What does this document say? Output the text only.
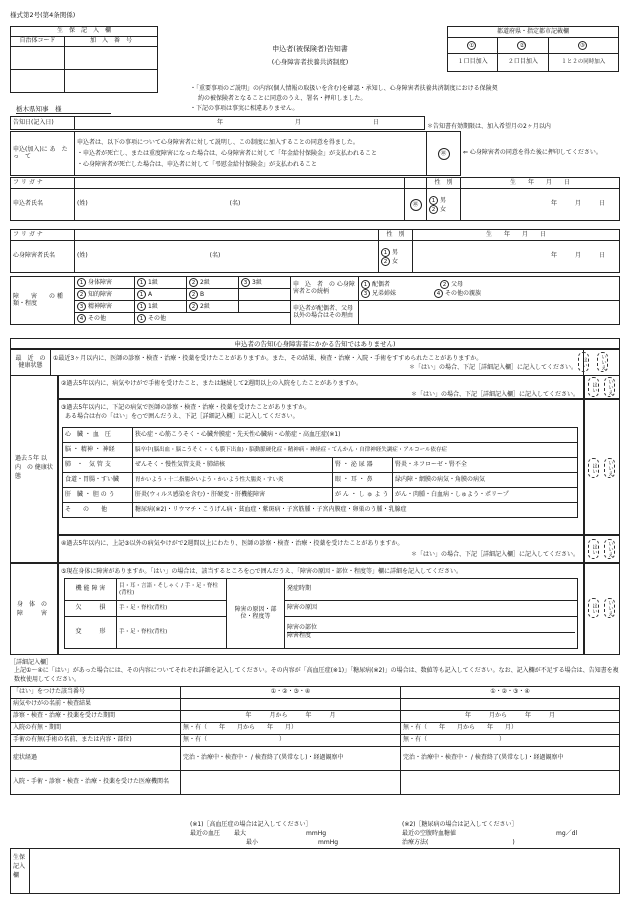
様式第2号(第4条関係)
生　保　記　入　欄	
自治体コード	加　入　番　号

申込者(被保険者)告知書
(心身障害者扶養共済制度)
都道府県・指定都市記載欄		
①	②	③
１口目加入	２口目加入	１と２の同時加入
・「重要事項のご説明」の内容(個人情報の取扱いを含む)を確認・承知し、心身障害者扶養共済制度における保険契
約の被保険者となることに同意のうえ、署名・押印しました。
・下記の事項は事実に相違ありません。
栃木県知事　様
告知日(記入日)	年	月	日
＊告知書有効期限は、加入希望月の2ヶ月以内
申込(加入)に あ　た　っ　て	
申込者は、以下の事項について心身障害者に対して説明し、この制度に加入することの同意を得ました。
・申込者が死亡し、または重度障害になった場合は、心身障害者に対して「年金給付保険金」が支払われること
・心身障害者が死亡した場合は、申込者に対して「弔慰金給付保険金」が支払われること
	㊞	⇐ 心身障害者の同意を得た後に押印してください。
フ リ ガ ナ			性　別	生　　年　　月　　日
申込者氏名	(姓) (名)	㊞	1 男
2 女	年　　　月　　　日
フ リ ガ ナ		性　別	生　　年　　月　　日
心身障害者氏名	(姓) (名)	1 男
2 女	年　　　月　　　日
障　　害　　の 種類・程度	1 身体障害	1 1級	2 2級	3 3級	申　込　者　の 心身障害者との続柄	1 配偶者 2 父母
3 兄弟姉妹 4 その他の親族

	2 知的障害	1 A	2 B			
	3 精神障害	1 1級	2 2級		申込者が配偶者、父母以外の場合はその理由	
	4 その他	1 その他				
申込者の告知(心身障害者にかかる告知ではありません)
最　近　の 健康状態	
①最近3ヶ月以内に、医師の診察・検査・治療・投薬を受けたことがありますか。また、その結果、検査・治療・入院・手術をすすめられたことがありますか。
＊「はい」の場合、下記［詳細記入欄］に記入してください。
	はい	いいえ
過去５年 以　内　の 健康状態
②過去5年以内に、病気やけがで手術を受けたこと、または継続して2週間以上の入院をしたことがありますか。
＊「はい」の場合、下記［詳細記入欄］に記入してください。
はい	いいえ
③過去5年以内に、下記の病気で医師の診察・検査・治療・投薬を受けたことがありますか。
ある場合は右の「はい」を○で囲んだうえ、下記［詳細記入欄］に記入してください。
心　臓 ・ 血　圧	狭心症・心筋こうそく・心臓弁膜症・先天性心臓病・心筋症・高血圧症(※1)		
脳 ・ 精神 ・ 神経	脳卒中(脳出血・脳こうそく・くも膜下出血)・脳動脈硬化症・精神病・神経症・てんかん・自律神経失調症・アルコール依存症		
肺　・　気 管 支	ぜんそく・慢性気管支炎・肺結核	腎 ・ 泌 尿 器	腎炎・ネフローゼ・腎不全
食道・胃腸・すい臓	胃かいよう・十二指腸かいよう・かいよう性大腸炎・すい炎	眼 ・ 耳 ・ 鼻	緑内障・網膜の病気・角膜の病気
肝　臓 ・ 胆 の う	肝炎(ウィルス感染を含む)・肝硬変・肝機能障害	が ん ・ し ゅ よ う	がん・肉腫・白血病・しゅよう・ポリープ
そ　　の　　他	糖尿病(※2)・リウマチ・こうげん病・貧血症・紫斑病・子宮筋腫・子宮内膜症・卵巣のう腫・乳腺症		
はい	いいえ
④過去5年以内に、上記③以外の病気やけがで2週間以上にわたり、医師の診察・検査・治療・投薬を受けたことがありますか。
＊「はい」の場合、下記［詳細記入欄］に記入してください。	はい	いいえ
身　体　の 障　　　害
⑤現在身体に障害がありますか。「はい」の場合は、該当するところを○で囲んだうえ、「障害の原因・部位・程度等」欄に詳細を記入してください。
機 能 障 害	目・耳・言語・そしゃく / 手・足・脊柱(背柱)	障害の原因・部位・程度等	発症時期
欠　　　損	手・足・脊柱(背柱)		障害の原因
変　　　形	手・足・脊柱(背柱)		障害の部位
障害程度
はい	いいえ
［詳細記入欄］
上記①〜④に「はい」があった場合には、その内容についてそれぞれ詳細を記入してください。その内容が「高血圧症(※1)」「糖尿病(※2)」の場合は、数値等も記入してください。なお、記入欄が不足する場合は、告知書を複数枚使用してください。
「はい」をつけた該当番号	①・②・③・④	①・②・③・④
病気やけがの名前・検査結果		
診察・検査・治療・投薬を受けた期間	年　　　月から　　　年　　　月	年　　　月から　　　年　　　月
入院の有無・期間	無・有（　　年　　月から　　年　　月）	無・有（　　年　　月から　　年　　月）
手術の有無(手術の名前、または内容・部位)	無・有（　　　　　　　　　　　　）	無・有（　　　　　　　　　　　　）
症状経過	完治・治療中・検査中・ / 検査終了(異常なし)・経過観察中	完治・治療中・検査中・ / 検査終了(異常なし)・経過観察中
入院・手術・診察・検査・治療・投薬を受けた医療機関名		
(※1)［高血圧症の場合は記入してください］
最近の血圧 最大	mmHg
最小	mmHg
(※2)［糖尿病の場合は記入してください］
最近の空腹時血糖値	mg／dl
治療方法(　　　　　　　　　　　　　　)
生保 記入欄
